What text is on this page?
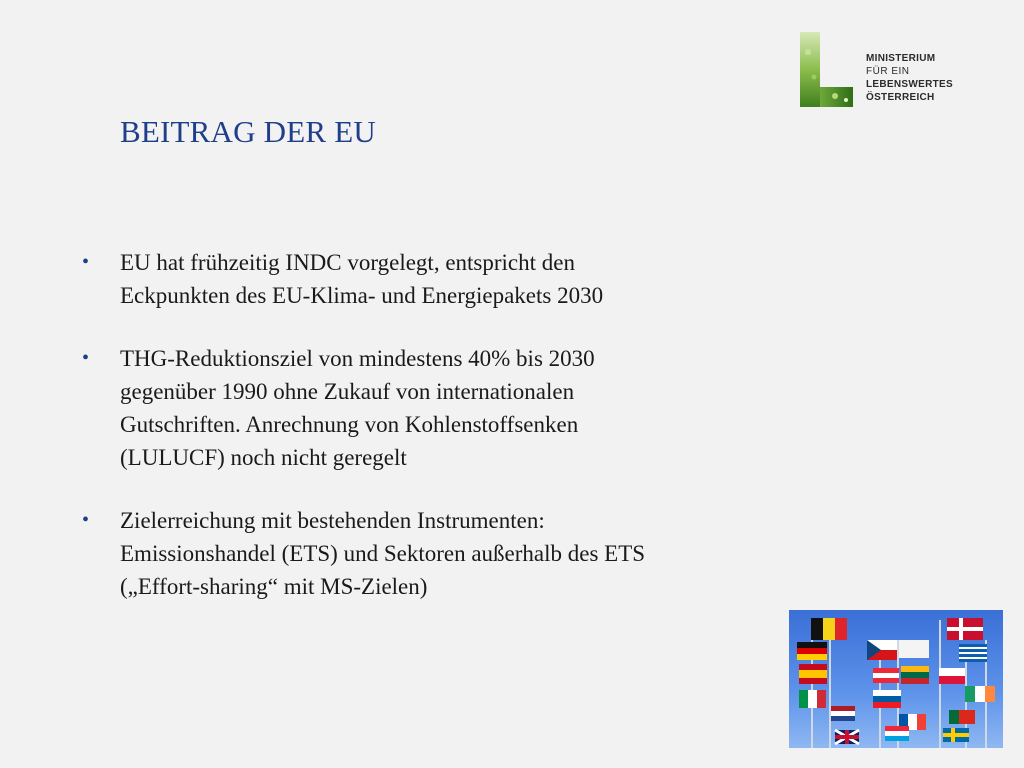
MINISTERIUM
FÜR EIN
LEBENSWERTES
ÖSTERREICH
BEITRAG DER EU
•	EU hat frühzeitig INDC vorgelegt, entspricht den
Eckpunkten des EU-Klima- und Energiepakets 2030
•	THG-Reduktionsziel von mindestens 40% bis 2030
gegenüber 1990 ohne Zukauf von internationalen
Gutschriften. Anrechnung von Kohlenstoffsenken
(LULUCF) noch nicht geregelt
•	Zielerreichung mit bestehenden Instrumenten:
Emissionshandel (ETS) und Sektoren außerhalb des ETS
(„Effort-sharing“ mit MS-Zielen)
